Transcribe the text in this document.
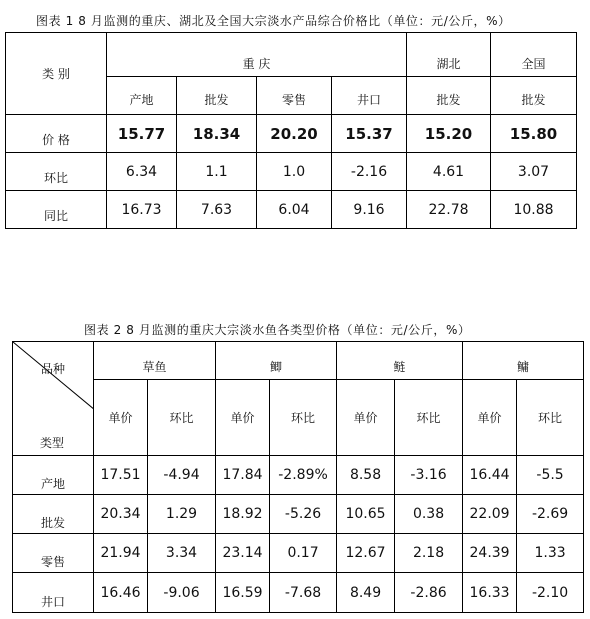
图表 1 8 月监测的重庆、湖北及全国大宗淡水产品综合价格比（单位：元/公斤，%）
类 别	重 庆				湖北	全国
	产地	批发	零售	井口	批发	批发
价 格	15.77	18.34	20.20	15.37	15.20	15.80
环比	6.34	1.1	1.0	-2.16	4.61	3.07
同比	16.73	7.63	6.04	9.16	22.78	10.88
图表 2 8 月监测的重庆大宗淡水鱼各类型价格（单位：元/公斤，%）
品种
类型	草鱼		鲫		鲢		鳙	
	单价	环比	单价	环比	单价	环比	单价	环比
产地	17.51	-4.94	17.84	-2.89%	8.58	-3.16	16.44	-5.5
批发	20.34	1.29	18.92	-5.26	10.65	0.38	22.09	-2.69
零售	21.94	3.34	23.14	0.17	12.67	2.18	24.39	1.33
井口	16.46	-9.06	16.59	-7.68	8.49	-2.86	16.33	-2.10
